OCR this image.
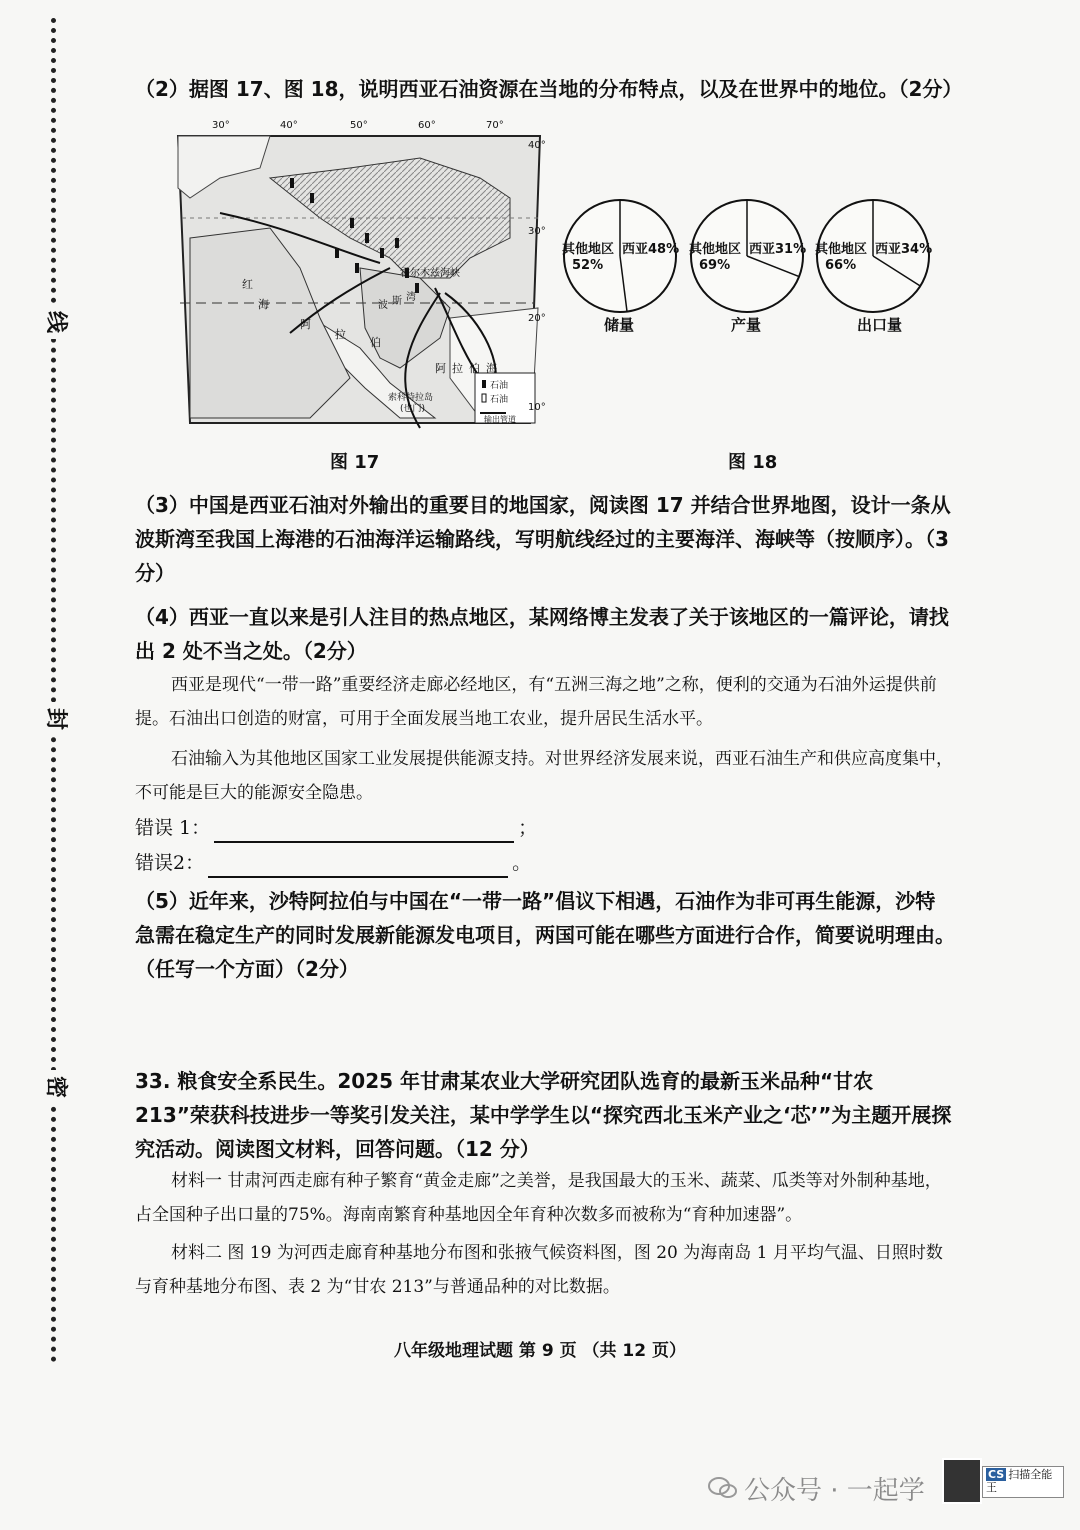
线
封
密
（2）据图 17、图 18，说明西亚石油资源在当地的分布特点，以及在世界中的地位。（2分）
30°	40°	50°	60°	70°
40°
30°
20°
10°
霍尔木兹海峡
阿拉伯海
波 斯 湾
红
海
阿
拉
伯
索科特拉岛
(也门)
石油
石油
输出管道
图 17
西亚48%
其他地区
52%
储量
西亚31%
其他地区
69%
产量
西亚34%
其他地区
66%
出口量
图 18
（3）中国是西亚石油对外输出的重要目的地国家，阅读图 17 并结合世界地图，设计一条从波斯湾至我国上海港的石油海洋运输路线，写明航线经过的主要海洋、海峡等（按顺序）。（3 分）
（4）西亚一直以来是引人注目的热点地区，某网络博主发表了关于该地区的一篇评论，请找出 2 处不当之处。（2分）
西亚是现代“一带一路”重要经济走廊必经地区，有“五洲三海之地”之称，便利的交通为石油外运提供前提。石油出口创造的财富，可用于全面发展当地工农业，提升居民生活水平。
石油输入为其他地区国家工业发展提供能源支持。对世界经济发展来说，西亚石油生产和供应高度集中，不可能是巨大的能源安全隐患。
错误 1：	；
错误2：	。
（5）近年来，沙特阿拉伯与中国在“一带一路”倡议下相遇，石油作为非可再生能源，沙特急需在稳定生产的同时发展新能源发电项目，两国可能在哪些方面进行合作，简要说明理由。（任写一个方面）（2分）
33. 粮食安全系民生。2025 年甘肃某农业大学研究团队选育的最新玉米品种“甘农 213”荣获科技进步一等奖引发关注，某中学学生以“探究西北玉米产业之‘芯’”为主题开展探究活动。阅读图文材料，回答问题。（12 分）
材料一 甘肃河西走廊有种子繁育“黄金走廊”之美誉，是我国最大的玉米、蔬菜、瓜类等对外制种基地，占全国种子出口量的75%。海南南繁育种基地因全年育种次数多而被称为“育种加速器”。
材料二 图 19 为河西走廊育种基地分布图和张掖气候资料图，图 20 为海南岛 1 月平均气温、日照时数与育种基地分布图、表 2 为“甘农 213”与普通品种的对比数据。
八年级地理试题 第 9 页 （共 12 页）
公众号 · 一起学
CS 扫描全能王
